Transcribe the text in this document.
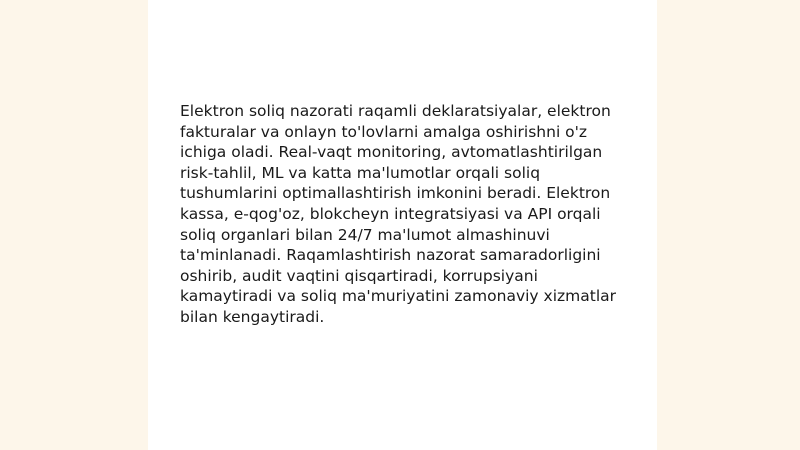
Elektron soliq nazorati raqamli deklaratsiyalar, elektron fakturalar va onlayn to'lovlarni amalga oshirishni o'z ichiga oladi. Real-vaqt monitoring, avtomatlashtirilgan risk-tahlil, ML va katta ma'lumotlar orqali soliq tushumlarini optimallashtirish imkonini beradi. Elektron kassa, e-qog'oz, blokcheyn integratsiyasi va API orqali soliq organlari bilan 24/7 ma'lumot almashinuvi ta'minlanadi. Raqamlashtirish nazorat samaradorligini oshirib, audit vaqtini qisqartiradi, korrupsiyani kamaytiradi va soliq ma'muriyatini zamonaviy xizmatlar bilan kengaytiradi.
